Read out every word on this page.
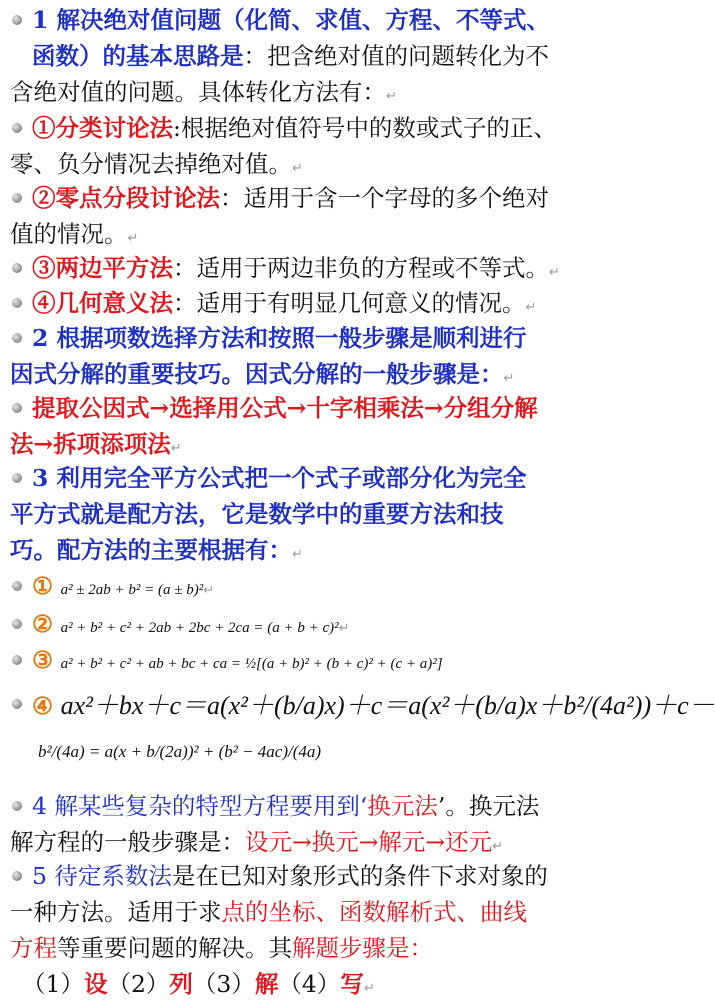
1 解决绝对值问题（化简、求值、方程、不等式、
函数）的基本思路是：把含绝对值的问题转化为不
含绝对值的问题。具体转化方法有：↵
①分类讨论法:根据绝对值符号中的数或式子的正、
零、负分情况去掉绝对值。↵
②零点分段讨论法：适用于含一个字母的多个绝对
值的情况。↵
③两边平方法：适用于两边非负的方程或不等式。↵
④几何意义法：适用于有明显几何意义的情况。↵
2 根据项数选择方法和按照一般步骤是顺利进行
因式分解的重要技巧。因式分解的一般步骤是：↵
提取公因式→选择用公式→十字相乘法→分组分解
法→拆项添项法↵
3 利用完全平方公式把一个式子或部分化为完全
平方式就是配方法，它是数学中的重要方法和技
巧。配方法的主要根据有：↵
① a² ± 2ab + b² = (a ± b)²↵
② a² + b² + c² + 2ab + 2bc + 2ca = (a + b + c)²↵
③ a² + b² + c² + ab + bc + ca = ½[(a + b)² + (b + c)² + (c + a)²]
④ ax²＋bx＋c＝a(x²＋(b/a)x)＋c＝a(x²＋(b/a)x＋b²/(4a²))＋c－
b²/(4a) = a(x + b/(2a))² + (b² − 4ac)/(4a)
4 解某些复杂的特型方程要用到‘换元法’。换元法
解方程的一般步骤是：设元→换元→解元→还元↵
5 待定系数法是在已知对象形式的条件下求对象的
一种方法。适用于求点的坐标、函数解析式、曲线
方程等重要问题的解决。其解题步骤是：
（1）设（2）列（3）解（4）写↵
